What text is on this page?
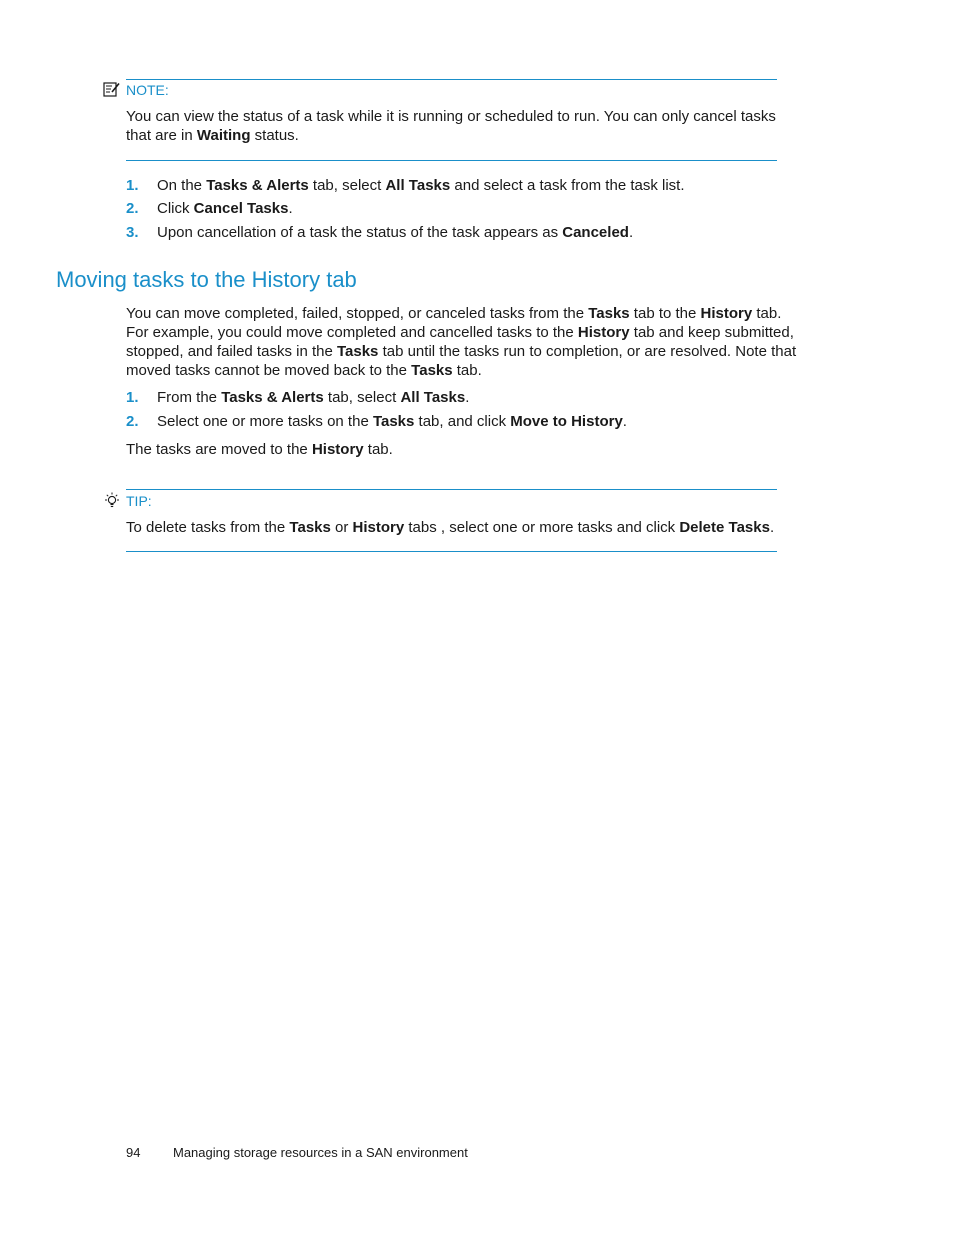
NOTE:
You can view the status of a task while it is running or scheduled to run. You can only cancel tasks
that are in Waiting status.
1. On the Tasks & Alerts tab, select All Tasks and select a task from the task list.
2. Click Cancel Tasks.
3. Upon cancellation of a task the status of the task appears as Canceled.
Moving tasks to the History tab
You can move completed, failed, stopped, or canceled tasks from the Tasks tab to the History tab.
For example, you could move completed and cancelled tasks to the History tab and keep submitted,
stopped, and failed tasks in the Tasks tab until the tasks run to completion, or are resolved. Note that
moved tasks cannot be moved back to the Tasks tab.
1. From the Tasks & Alerts tab, select All Tasks.
2. Select one or more tasks on the Tasks tab, and click Move to History.
The tasks are moved to the History tab.
TIP:
To delete tasks from the Tasks or History tabs , select one or more tasks and click Delete Tasks.
94	Managing storage resources in a SAN environment
